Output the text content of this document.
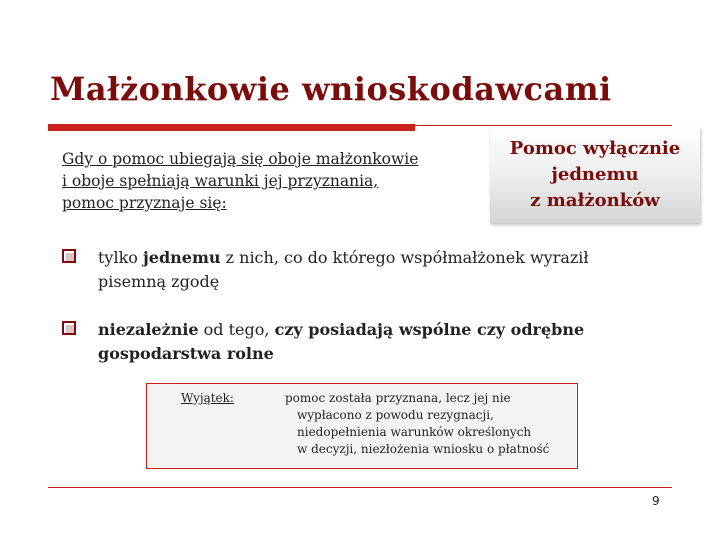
Małżonkowie wnioskodawcami
Gdy o pomoc ubiegają się oboje małżonkowie
i oboje spełniają warunki jej przyznania,
pomoc przyznaje się:
Pomoc wyłącznie
jednemu
z małżonków
tylko jednemu z nich, co do którego współmałżonek wyraził
pisemną zgodę
niezależnie od tego, czy posiadają wspólne czy odrębne
gospodarstwa rolne
Wyjątek:	pomoc została przyznana, lecz jej nie
wypłacono z powodu rezygnacji,
niedopełnienia warunków określonych
w decyzji, niezłożenia wniosku o płatność
9
